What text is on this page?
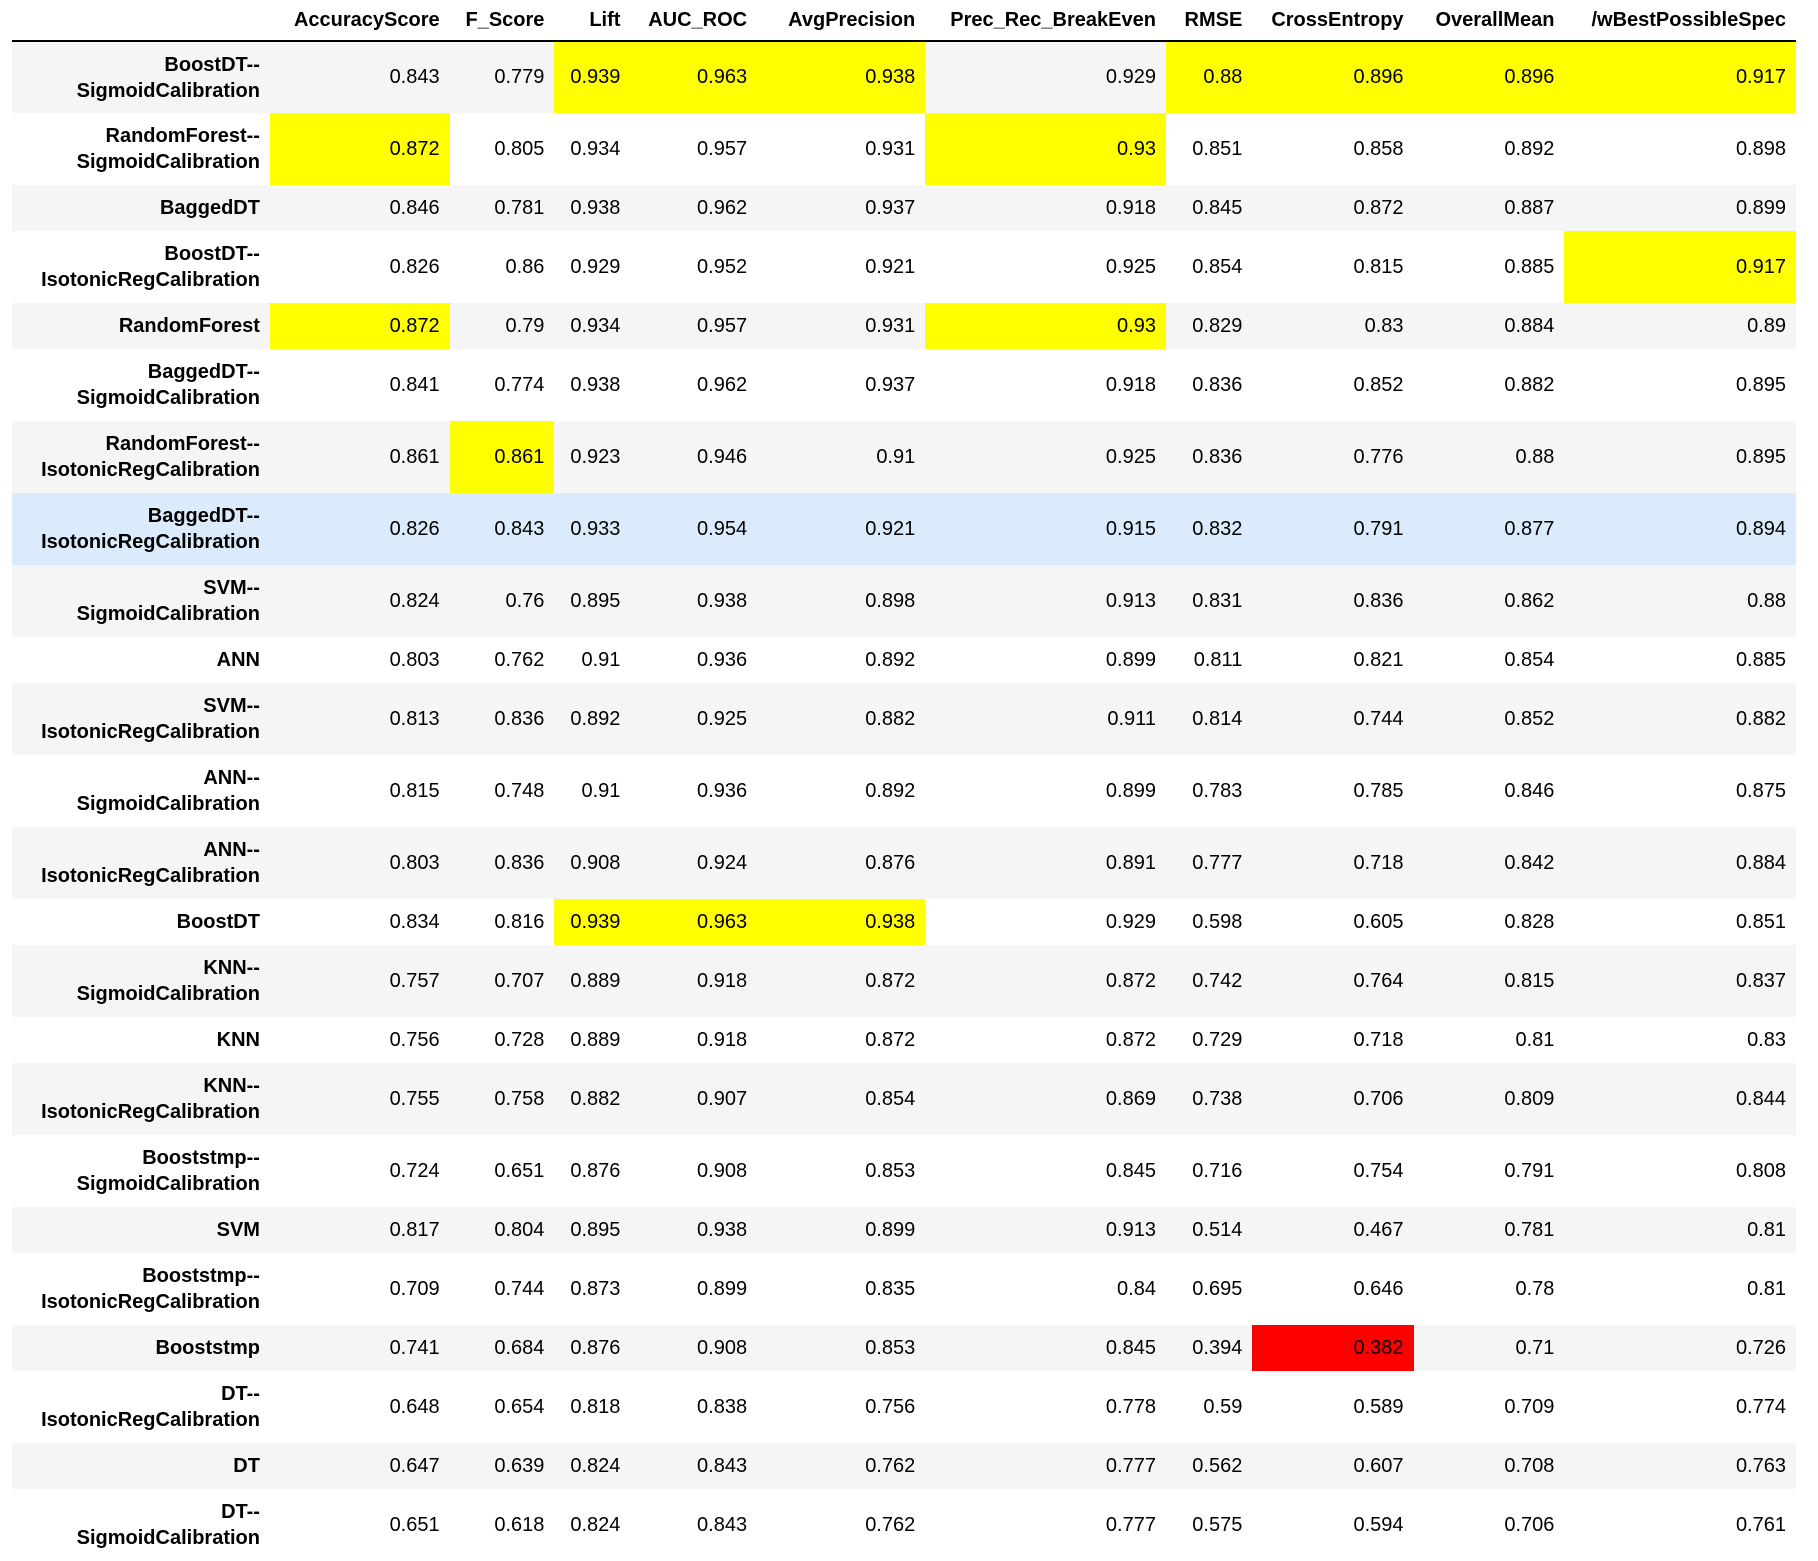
	AccuracyScore	F_Score	Lift	AUC_ROC	AvgPrecision	Prec_Rec_BreakEven	RMSE	CrossEntropy	OverallMean	/wBestPossibleSpec

BoostDT--
SigmoidCalibration	0.843	0.779	0.939	0.963	0.938	0.929	0.88	0.896	0.896	0.917

RandomForest--
SigmoidCalibration	0.872	0.805	0.934	0.957	0.931	0.93	0.851	0.858	0.892	0.898

BaggedDT	0.846	0.781	0.938	0.962	0.937	0.918	0.845	0.872	0.887	0.899

BoostDT--
IsotonicRegCalibration	0.826	0.86	0.929	0.952	0.921	0.925	0.854	0.815	0.885	0.917

RandomForest	0.872	0.79	0.934	0.957	0.931	0.93	0.829	0.83	0.884	0.89

BaggedDT--
SigmoidCalibration	0.841	0.774	0.938	0.962	0.937	0.918	0.836	0.852	0.882	0.895

RandomForest--
IsotonicRegCalibration	0.861	0.861	0.923	0.946	0.91	0.925	0.836	0.776	0.88	0.895

BaggedDT--
IsotonicRegCalibration	0.826	0.843	0.933	0.954	0.921	0.915	0.832	0.791	0.877	0.894

SVM--
SigmoidCalibration	0.824	0.76	0.895	0.938	0.898	0.913	0.831	0.836	0.862	0.88

ANN	0.803	0.762	0.91	0.936	0.892	0.899	0.811	0.821	0.854	0.885

SVM--
IsotonicRegCalibration	0.813	0.836	0.892	0.925	0.882	0.911	0.814	0.744	0.852	0.882

ANN--
SigmoidCalibration	0.815	0.748	0.91	0.936	0.892	0.899	0.783	0.785	0.846	0.875

ANN--
IsotonicRegCalibration	0.803	0.836	0.908	0.924	0.876	0.891	0.777	0.718	0.842	0.884

BoostDT	0.834	0.816	0.939	0.963	0.938	0.929	0.598	0.605	0.828	0.851

KNN--
SigmoidCalibration	0.757	0.707	0.889	0.918	0.872	0.872	0.742	0.764	0.815	0.837

KNN	0.756	0.728	0.889	0.918	0.872	0.872	0.729	0.718	0.81	0.83

KNN--
IsotonicRegCalibration	0.755	0.758	0.882	0.907	0.854	0.869	0.738	0.706	0.809	0.844

Booststmp--
SigmoidCalibration	0.724	0.651	0.876	0.908	0.853	0.845	0.716	0.754	0.791	0.808

SVM	0.817	0.804	0.895	0.938	0.899	0.913	0.514	0.467	0.781	0.81

Booststmp--
IsotonicRegCalibration	0.709	0.744	0.873	0.899	0.835	0.84	0.695	0.646	0.78	0.81

Booststmp	0.741	0.684	0.876	0.908	0.853	0.845	0.394	0.382	0.71	0.726

DT--
IsotonicRegCalibration	0.648	0.654	0.818	0.838	0.756	0.778	0.59	0.589	0.709	0.774

DT	0.647	0.639	0.824	0.843	0.762	0.777	0.562	0.607	0.708	0.763

DT--
SigmoidCalibration	0.651	0.618	0.824	0.843	0.762	0.777	0.575	0.594	0.706	0.761
